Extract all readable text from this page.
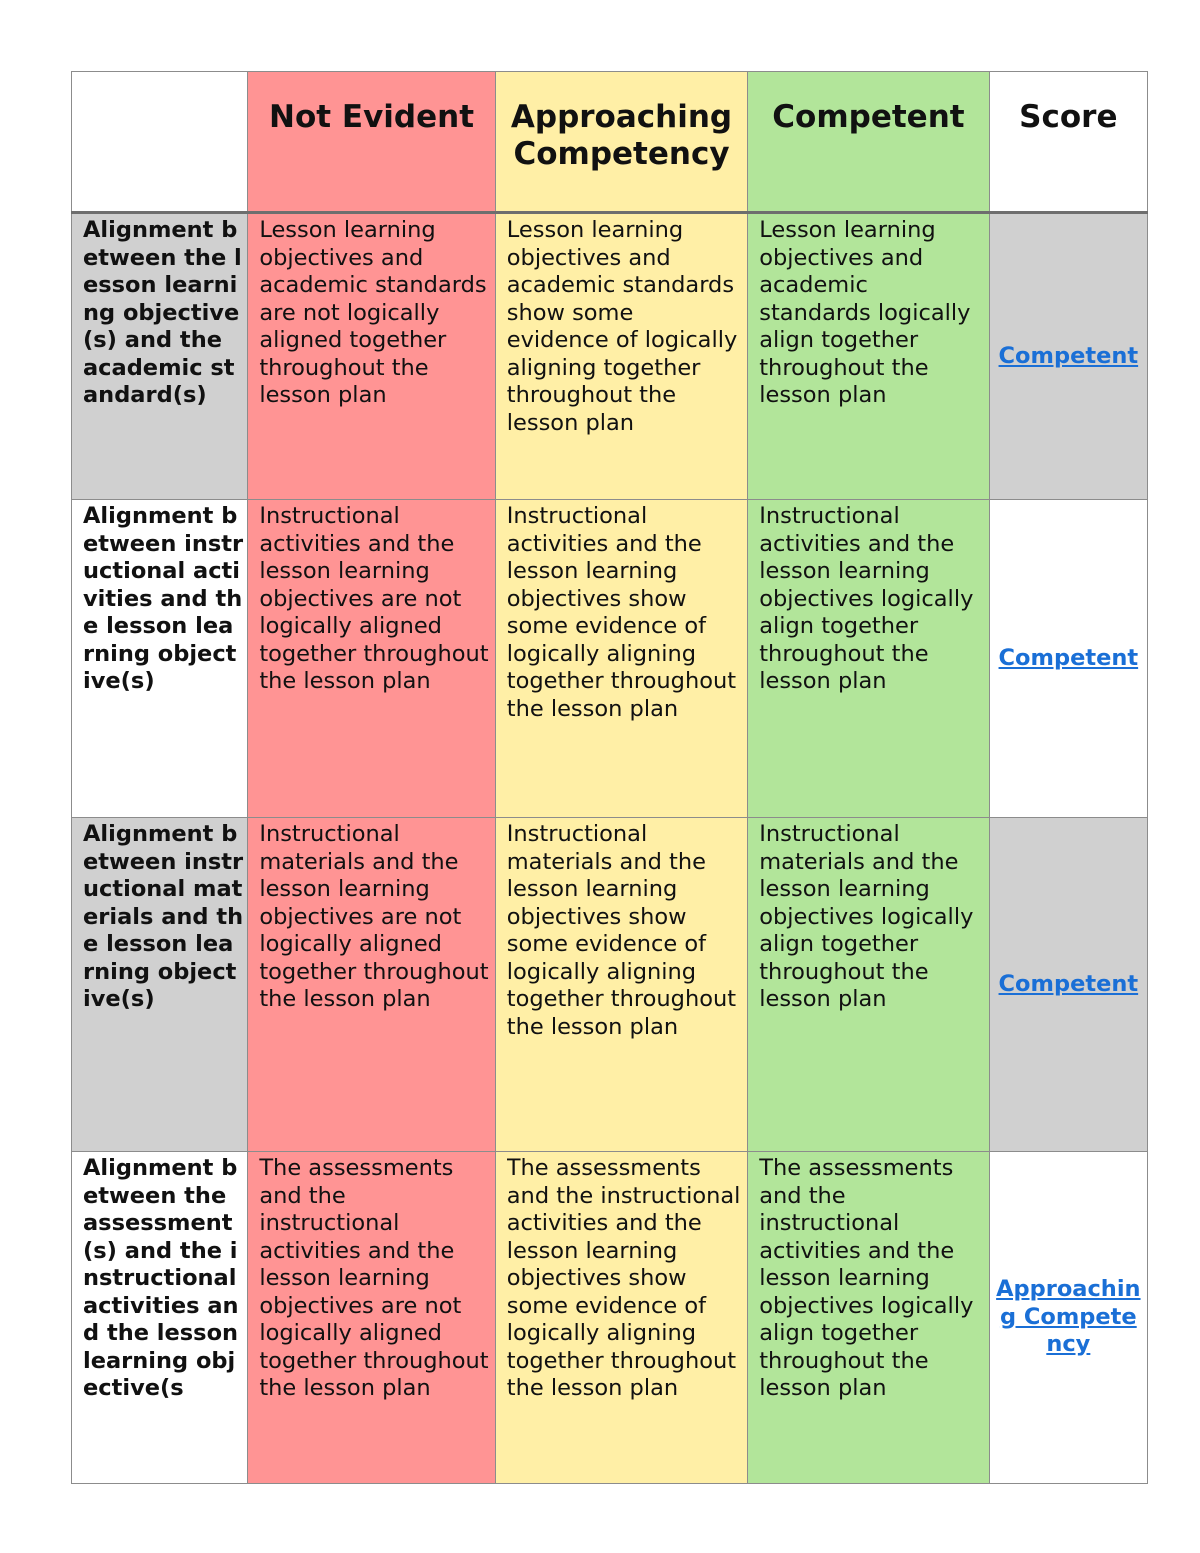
	Not Evident	Approaching Competency	Competent	Score
Alignment between the lesson learning objective(s) and the academic standard(s)	Lesson learning objectives and academic standards are not logically aligned together throughout the lesson plan	Lesson learning objectives and academic standards show some evidence of logically aligning together throughout the lesson plan	Lesson learning objectives and academic standards logically align together throughout the lesson plan	Competent
Alignment between instructional activities and the lesson learning objective(s)	Instructional activities and the lesson learning objectives are not logically aligned together throughout the lesson plan	Instructional activities and the lesson learning objectives show some evidence of logically aligning together throughout the lesson plan	Instructional activities and the lesson learning objectives logically align together throughout the lesson plan	Competent
Alignment between instructional materials and the lesson learning objective(s)	Instructional materials and the lesson learning objectives are not logically aligned together throughout the lesson plan	Instructional materials and the lesson learning objectives show some evidence of logically aligning together throughout the lesson plan	Instructional materials and the lesson learning objectives logically align together throughout the lesson plan	Competent

Alignment between the assessment(s) and the instructional activities and the lesson learning objective(s	The assessments and the instructional activities and the lesson learning objectives are not logically aligned together throughout the lesson plan	The assessments and the instructional activities and the lesson learning objectives show some evidence of logically aligning together throughout the lesson plan	The assessments and the instructional activities and the lesson learning objectives logically align together throughout the lesson plan	Approaching Competency
